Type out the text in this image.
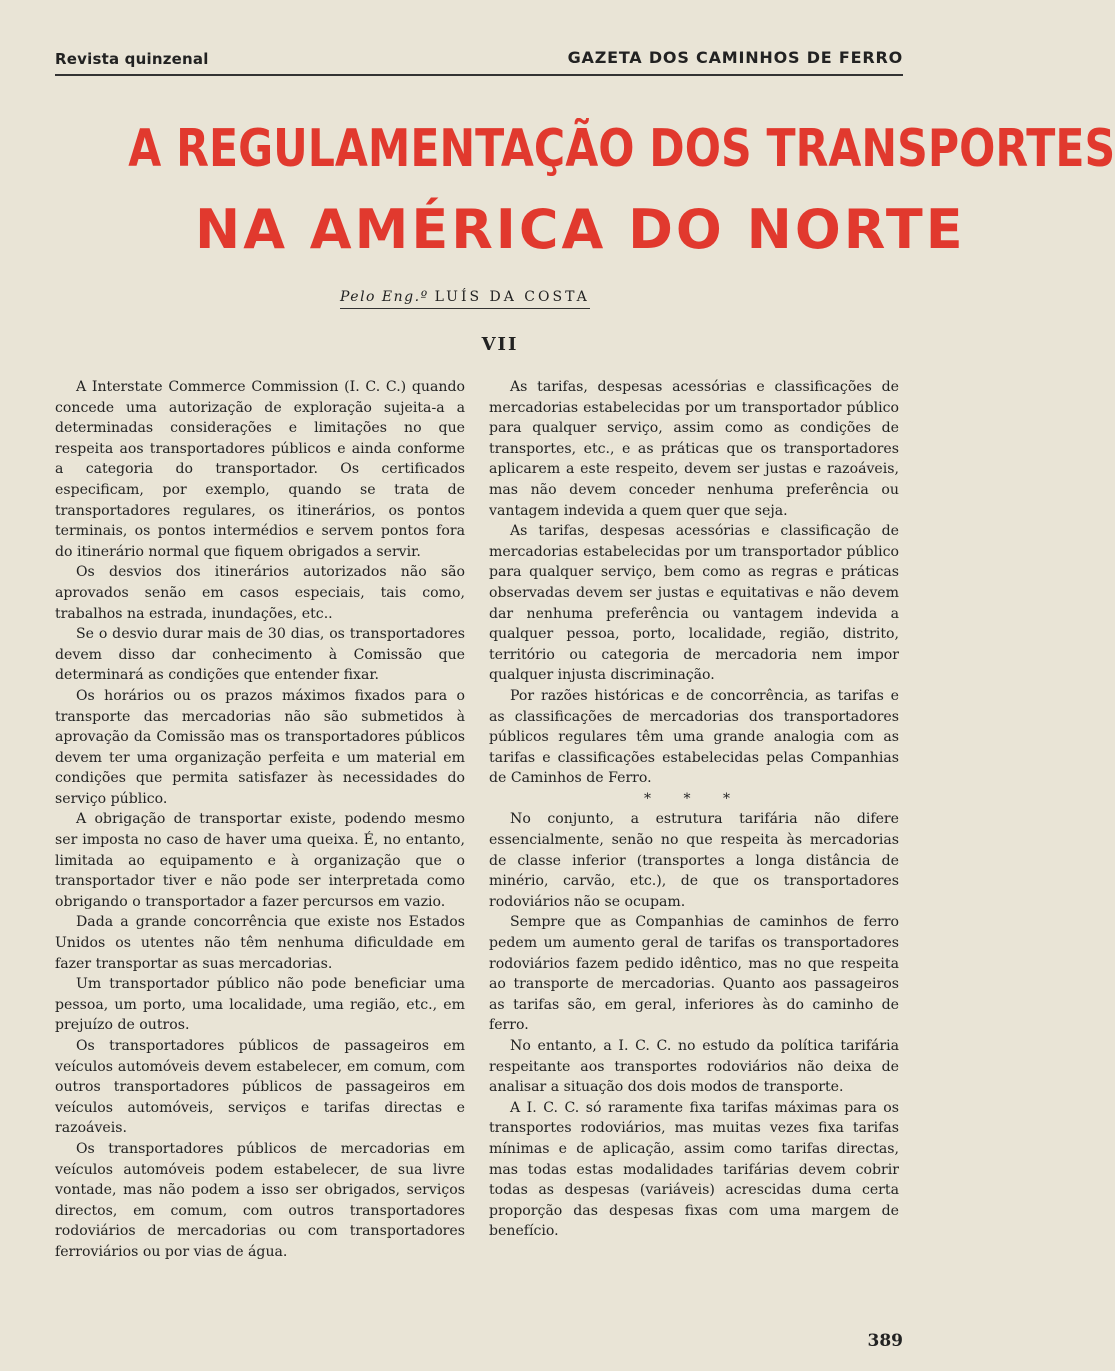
Revista quinzenal	GAZETA DOS CAMINHOS DE FERRO
A REGULAMENTAÇÃO DOS TRANSPORTES
NA AMÉRICA DO NORTE
Pelo Eng.º LUÍS DA COSTA
VII

A Interstate Commerce Commission (I. C. C.) quando concede uma autorização de exploração sujeita-a a determinadas considerações e limitações no que respeita aos transportadores públicos e ainda conforme a categoria do transportador. Os certificados especificam, por exemplo, quando se trata de transportadores regulares, os itinerários, os pontos terminais, os pontos intermédios e servem pontos fora do itinerário normal que fiquem obrigados a servir.

Os desvios dos itinerários autorizados não são aprovados senão em casos especiais, tais como, trabalhos na estrada, inundações, etc..

Se o desvio durar mais de 30 dias, os transportadores devem disso dar conhecimento à Comissão que determinará as condições que entender fixar.

Os horários ou os prazos máximos fixados para o transporte das mercadorias não são submetidos à aprovação da Comissão mas os transportadores públicos devem ter uma organização perfeita e um material em condições que permita satisfazer às necessidades do serviço público.

A obrigação de transportar existe, podendo mesmo ser imposta no caso de haver uma queixa. É, no entanto, limitada ao equipamento e à organização que o transportador tiver e não pode ser interpretada como obrigando o transportador a fazer percursos em vazio.

Dada a grande concorrência que existe nos Estados Unidos os utentes não têm nenhuma dificuldade em fazer transportar as suas mercadorias.

Um transportador público não pode beneficiar uma pessoa, um porto, uma localidade, uma região, etc., em prejuízo de outros.

Os transportadores públicos de passageiros em veículos automóveis devem estabelecer, em comum, com outros transportadores públicos de passageiros em veículos automóveis, serviços e tarifas directas e razoáveis.

Os transportadores públicos de mercadorias em veículos automóveis podem estabelecer, de sua livre vontade, mas não podem a isso ser obrigados, serviços directos, em comum, com outros transportadores rodoviários de mercadorias ou com transportadores ferroviários ou por vias de água.

As tarifas, despesas acessórias e classificações de mercadorias estabelecidas por um transportador público para qualquer serviço, assim como as condições de transportes, etc., e as práticas que os transportadores aplicarem a este respeito, devem ser justas e razoáveis, mas não devem conceder nenhuma preferência ou vantagem indevida a quem quer que seja.

As tarifas, despesas acessórias e classificação de mercadorias estabelecidas por um transportador público para qualquer serviço, bem como as regras e práticas observadas devem ser justas e equitativas e não devem dar nenhuma preferência ou vantagem indevida a qualquer pessoa, porto, localidade, região, distrito, território ou categoria de mercadoria nem impor qualquer injusta discriminação.

Por razões históricas e de concorrência, as tarifas e as classificações de mercadorias dos transportadores públicos regulares têm uma grande analogia com as tarifas e classificações estabelecidas pelas Companhias de Caminhos de Ferro.

* * *

No conjunto, a estrutura tarifária não difere essencialmente, senão no que respeita às mercadorias de classe inferior (transportes a longa distância de minério, carvão, etc.), de que os transportadores rodoviários não se ocupam.

Sempre que as Companhias de caminhos de ferro pedem um aumento geral de tarifas os transportadores rodoviários fazem pedido idêntico, mas no que respeita ao transporte de mercadorias. Quanto aos passageiros as tarifas são, em geral, inferiores às do caminho de ferro.

No entanto, a I. C. C. no estudo da política tarifária respeitante aos transportes rodoviários não deixa de analisar a situação dos dois modos de transporte.

A I. C. C. só raramente fixa tarifas máximas para os transportes rodoviários, mas muitas vezes fixa tarifas mínimas e de aplicação, assim como tarifas directas, mas todas estas modalidades tarifárias devem cobrir todas as despesas (variáveis) acrescidas duma certa proporção das despesas fixas com uma margem de benefício.

389
